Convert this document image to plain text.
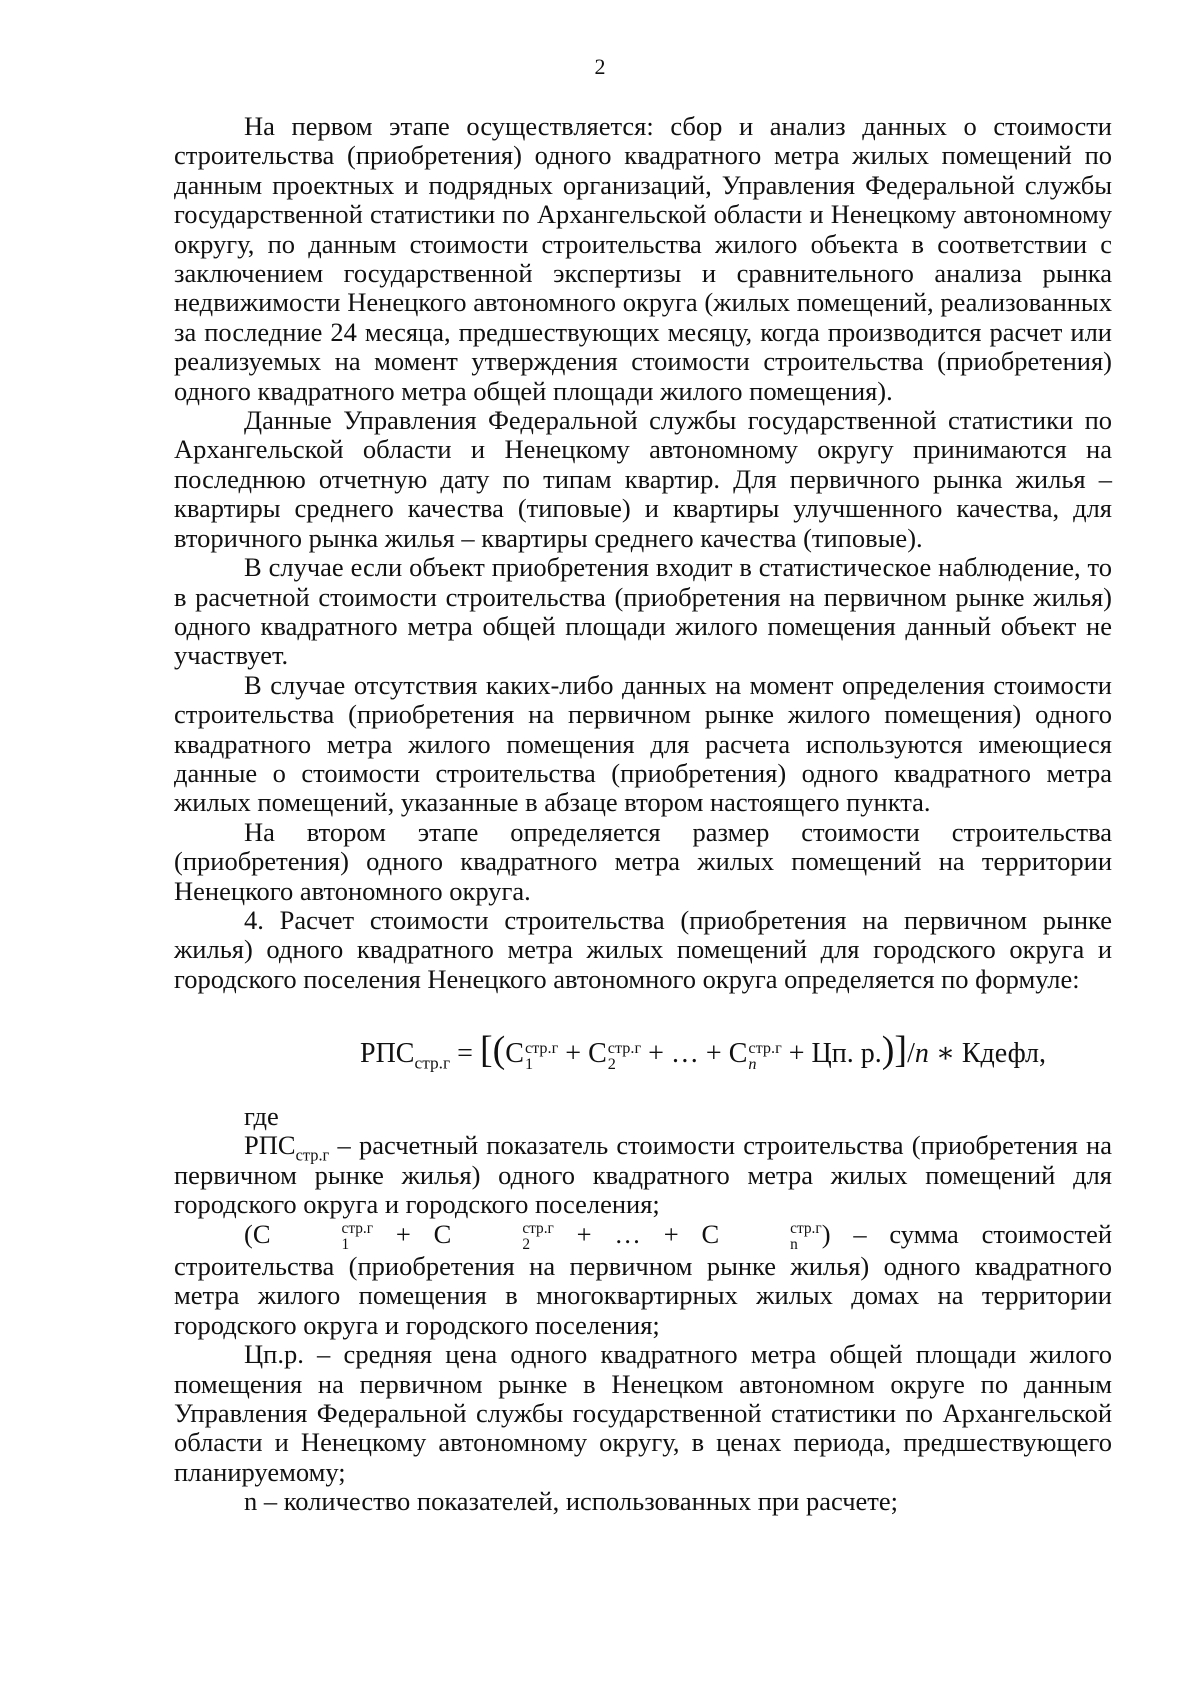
2

На первом этапе осуществляется: сбор и анализ данных о стоимости строительства (приобретения) одного квадратного метра жилых помещений по данным проектных и подрядных организаций, Управления Федеральной службы государственной статистики по Архангельской области и Ненецкому автономному округу, по данным стоимости строительства жилого объекта в соответствии с заключением государственной экспертизы и сравнительного анализа рынка недвижимости Ненецкого автономного округа (жилых помещений, реализованных за последние 24 месяца, предшествующих месяцу, когда производится расчет или реализуемых на момент утверждения стоимости строительства (приобретения) одного квадратного метра общей площади жилого помещения).

Данные Управления Федеральной службы государственной статистики по Архангельской области и Ненецкому автономному округу принимаются на последнюю отчетную дату по типам квартир. Для первичного рынка жилья – квартиры среднего качества (типовые) и квартиры улучшенного качества, для вторичного рынка жилья – квартиры среднего качества (типовые).

В случае если объект приобретения входит в статистическое наблюдение, то в расчетной стоимости строительства (приобретения на первичном рынке жилья) одного квадратного метра общей площади жилого помещения данный объект не участвует.

В случае отсутствия каких-либо данных на момент определения стоимости строительства (приобретения на первичном рынке жилого помещения) одного квадратного метра жилого помещения для расчета используются имеющиеся данные о стоимости строительства (приобретения) одного квадратного метра жилых помещений, указанные в абзаце втором настоящего пункта.

На втором этапе определяется размер стоимости строительства (приобретения) одного квадратного метра жилых помещений на территории Ненецкого автономного округа.

4. Расчет стоимости строительства (приобретения на первичном рынке жилья) одного квадратного метра жилых помещений для городского округа и городского поселения Ненецкого автономного округа определяется по формуле:

$РПС_{стр.г} = [(С$ стр.г
1 + С стр.г
2 + … + С стр.г
n + Цп. р.)]/n ∗ Кдефл,

где

$РПС_{стр.г}$ – расчетный показатель стоимости строительства (приобретения на первичном рынке жилья) одного квадратного метра жилых помещений для городского округа и городского поселения;

(С	стр.г
1 + С	стр.г
2 + … + С	стр.г
n ) – сумма стоимостей строительства (приобретения на первичном рынке жилья) одного квадратного метра жилого помещения в многоквартирных жилых домах на территории городского округа и городского поселения;

Цп.р. – средняя цена одного квадратного метра общей площади жилого помещения на первичном рынке в Ненецком автономном округе по данным Управления Федеральной службы государственной статистики по Архангельской области и Ненецкому автономному округу, в ценах периода, предшествующего планируемому;

n – количество показателей, использованных при расчете;
